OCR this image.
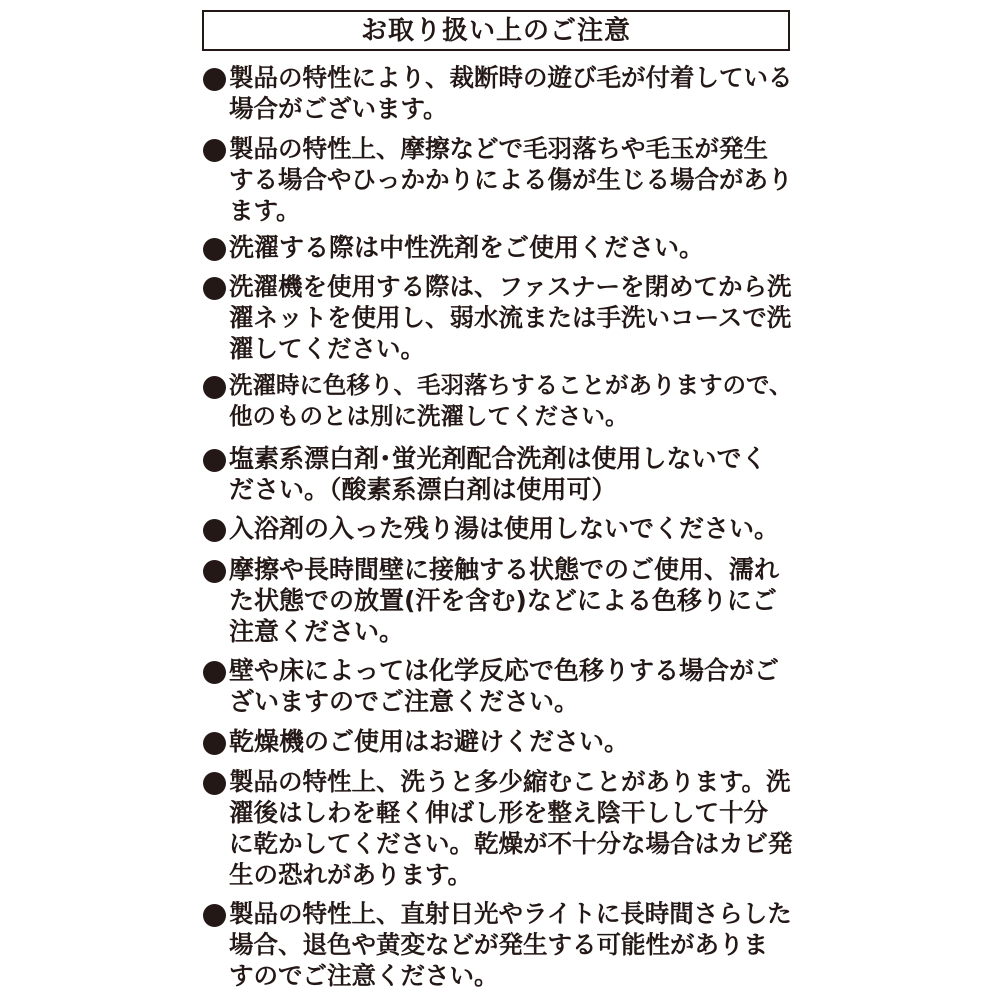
お取り扱い上のご注意
製品の特性により、裁断時の遊び毛が付着している
場合がございます。
製品の特性上、摩擦などで毛羽落ちや毛玉が発生
する場合やひっかかりによる傷が生じる場合があり
ます。
洗濯する際は中性洗剤をご使用ください。
洗濯機を使用する際は、ファスナーを閉めてから洗
濯ネットを使用し、弱水流または手洗いコースで洗
濯してください。
洗濯時に色移り、毛羽落ちすることがありますので、
他のものとは別に洗濯してください。
塩素系漂白剤･蛍光剤配合洗剤は使用しないでく
ださい。（酸素系漂白剤は使用可）
入浴剤の入った残り湯は使用しないでください。
摩擦や長時間壁に接触する状態でのご使用、濡れ
た状態での放置(汗を含む)などによる色移りにご
注意ください。
壁や床によっては化学反応で色移りする場合がご
ざいますのでご注意ください。
乾燥機のご使用はお避けください。
製品の特性上、洗うと多少縮むことがあります。洗
濯後はしわを軽く伸ばし形を整え陰干しして十分
に乾かしてください。乾燥が不十分な場合はカビ発
生の恐れがあります。
製品の特性上、直射日光やライトに長時間さらした
場合、退色や黄変などが発生する可能性がありま
すのでご注意ください。
